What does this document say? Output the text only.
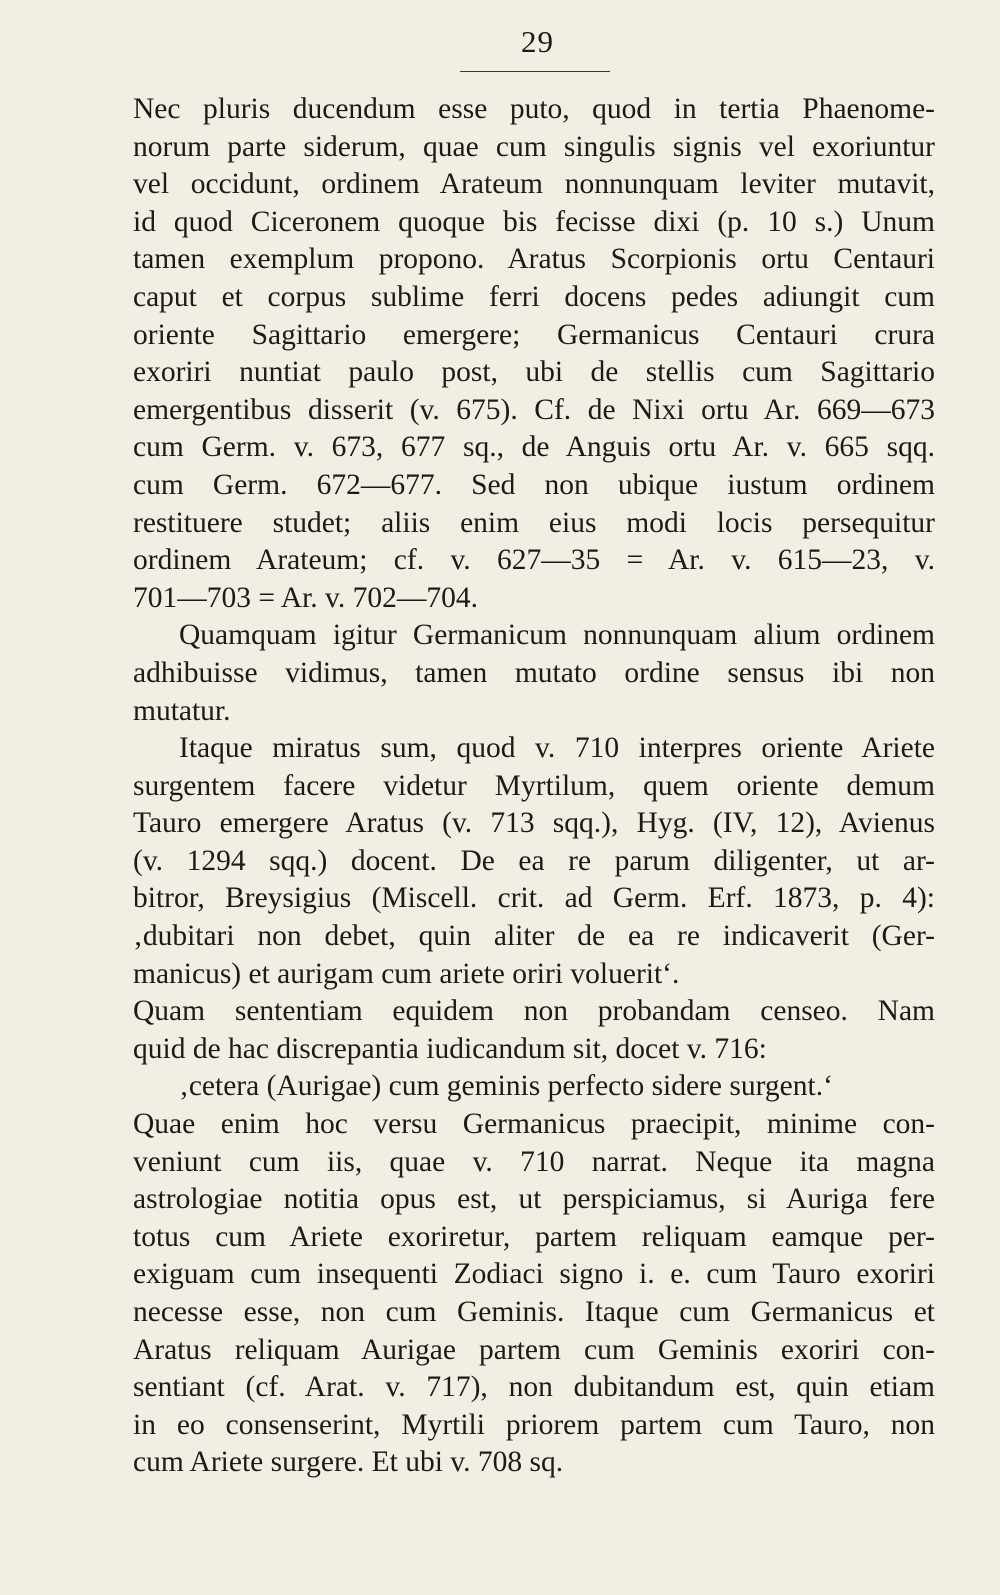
29
Nec pluris ducendum esse puto, quod in tertia Phaenome-
norum parte siderum, quae cum singulis signis vel exoriuntur
vel occidunt, ordinem Arateum nonnunquam leviter mutavit,
id quod Ciceronem quoque bis fecisse dixi (p. 10 s.) Unum
tamen exemplum propono. Aratus Scorpionis ortu Centauri
caput et corpus sublime ferri docens pedes adiungit cum
oriente Sagittario emergere; Germanicus Centauri crura
exoriri nuntiat paulo post, ubi de stellis cum Sagittario
emergentibus disserit (v. 675). Cf. de Nixi ortu Ar. 669—673
cum Germ. v. 673, 677 sq., de Anguis ortu Ar. v. 665 sqq.
cum Germ. 672—677. Sed non ubique iustum ordinem
restituere studet; aliis enim eius modi locis persequitur
ordinem Arateum; cf. v. 627—35 = Ar. v. 615—23, v.
701—703 = Ar. v. 702—704.
Quamquam igitur Germanicum nonnunquam alium ordinem
adhibuisse vidimus, tamen mutato ordine sensus ibi non
mutatur.
Itaque miratus sum, quod v. 710 interpres oriente Ariete
surgentem facere videtur Myrtilum, quem oriente demum
Tauro emergere Aratus (v. 713 sqq.), Hyg. (IV, 12), Avienus
(v. 1294 sqq.) docent. De ea re parum diligenter, ut ar-
bitror, Breysigius (Miscell. crit. ad Germ. Erf. 1873, p. 4):
‚dubitari non debet, quin aliter de ea re indicaverit (Ger-
manicus) et aurigam cum ariete oriri voluerit‘.
Quam sententiam equidem non probandam censeo. Nam
quid de hac discrepantia iudicandum sit, docet v. 716:
‚cetera (Aurigae) cum geminis perfecto sidere surgent.‘
Quae enim hoc versu Germanicus praecipit, minime con-
veniunt cum iis, quae v. 710 narrat. Neque ita magna
astrologiae notitia opus est, ut perspiciamus, si Auriga fere
totus cum Ariete exoriretur, partem reliquam eamque per-
exiguam cum insequenti Zodiaci signo i. e. cum Tauro exoriri
necesse esse, non cum Geminis. Itaque cum Germanicus et
Aratus reliquam Aurigae partem cum Geminis exoriri con-
sentiant (cf. Arat. v. 717), non dubitandum est, quin etiam
in eo consenserint, Myrtili priorem partem cum Tauro, non
cum Ariete surgere. Et ubi v. 708 sq.
